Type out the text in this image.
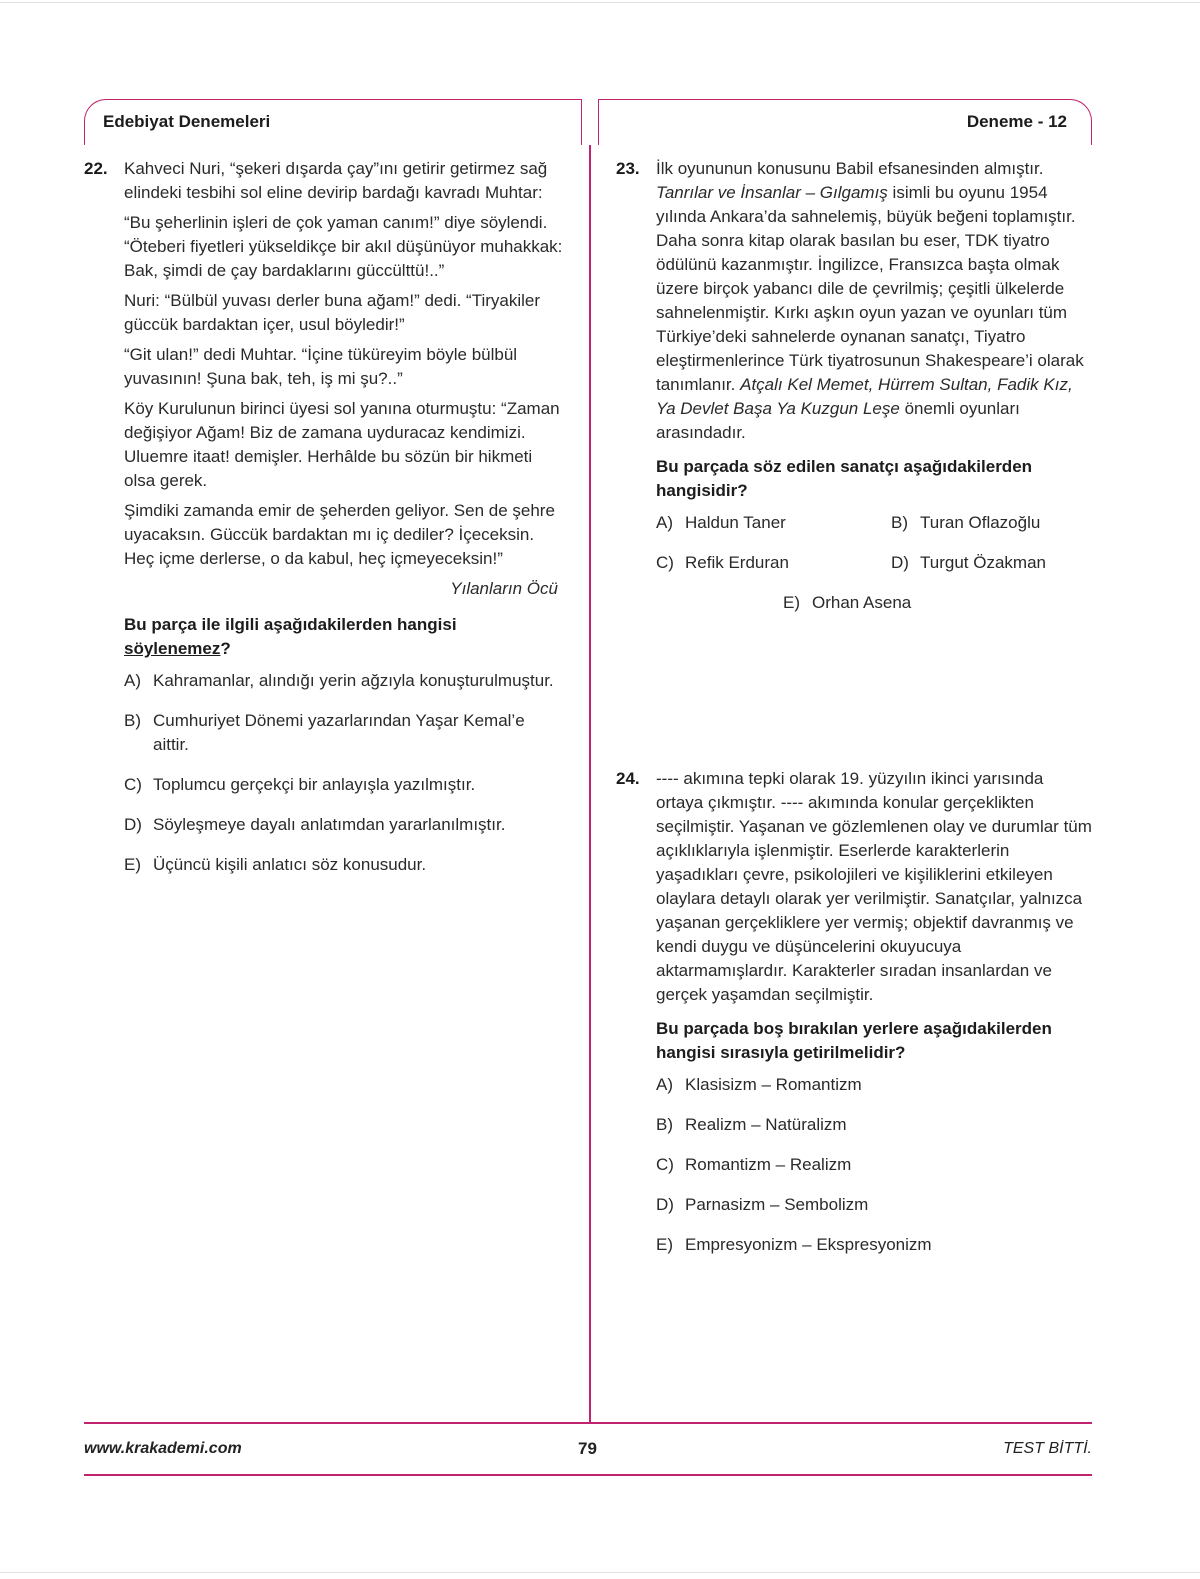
Edebiyat Denemeleri	Deneme - 12
22. Kahveci Nuri, “şekeri dışarda çay”ını getirir getirmez sağ elindeki tesbihi sol eline devirip bardağı kavradı Muhtar:

“Bu şeherlinin işleri de çok yaman canım!” diye söylendi. “Öteberi fiyetleri yükseldikçe bir akıl düşünüyor muhakkak: Bak, şimdi de çay bardaklarını güccülttü!..”

Nuri: “Bülbül yuvası derler buna ağam!” dedi. “Tiryakiler güccük bardaktan içer, usul böyledir!”

“Git ulan!” dedi Muhtar. “İçine tüküreyim böyle bülbül yuvasının! Şuna bak, teh, iş mi şu?..”

Köy Kurulunun birinci üyesi sol yanına oturmuştu: “Zaman değişiyor Ağam! Biz de zamana uyduracaz kendimizi. Uluemre itaat! demişler. Herhâlde bu sözün bir hikmeti olsa gerek.

Şimdiki zamanda emir de şeherden geliyor. Sen de şehre uyacaksın. Güccük bardaktan mı iç dediler? İçeceksin. Heç içme derlerse, o da kabul, heç içmeyeceksin!”

Yılanların Öcü
Bu parça ile ilgili aşağıdakilerden hangisi söylenemez?
A) Kahramanlar, alındığı yerin ağzıyla konuşturulmuştur.
B) Cumhuriyet Dönemi yazarlarından Yaşar Kemal’e aittir.
C) Toplumcu gerçekçi bir anlayışla yazılmıştır.
D) Söyleşmeye dayalı anlatımdan yararlanılmıştır.
E) Üçüncü kişili anlatıcı söz konusudur.
23. İlk oyununun konusunu Babil efsanesinden almıştır. Tanrılar ve İnsanlar – Gılgamış isimli bu oyunu 1954 yılında Ankara’da sahnelemiş, büyük beğeni toplamıştır. Daha sonra kitap olarak basılan bu eser, TDK tiyatro ödülünü kazanmıştır. İngilizce, Fransızca başta olmak üzere birçok yabancı dile de çevrilmiş; çeşitli ülkelerde sahnelenmiştir. Kırkı aşkın oyun yazan ve oyunları tüm Türkiye’deki sahnelerde oynanan sanatçı, Tiyatro eleştirmenlerince Türk tiyatrosunun Shakespeare’i olarak tanımlanır. Atçalı Kel Memet, Hürrem Sultan, Fadik Kız, Ya Devlet Başa Ya Kuzgun Leşe önemli oyunları arasındadır.

Bu parçada söz edilen sanatçı aşağıdakilerden hangisidir?
A) Haldun Taner	B) Turan Oflazoğlu
C) Refik Erduran	D) Turgut Özakman
E) Orhan Asena
24. ---- akımına tepki olarak 19. yüzyılın ikinci yarısında ortaya çıkmıştır. ---- akımında konular gerçeklikten seçilmiştir. Yaşanan ve gözlemlenen olay ve durumlar tüm açıklıklarıyla işlenmiştir. Eserlerde karakterlerin yaşadıkları çevre, psikolojileri ve kişiliklerini etkileyen olaylara detaylı olarak yer verilmiştir. Sanatçılar, yalnızca yaşanan gerçekliklere yer vermiş; objektif davranmış ve kendi duygu ve düşüncelerini okuyucuya aktarmamışlardır. Karakterler sıradan insanlardan ve gerçek yaşamdan seçilmiştir.

Bu parçada boş bırakılan yerlere aşağıdakilerden hangisi sırasıyla getirilmelidir?
A) Klasisizm – Romantizm
B) Realizm – Natüralizm
C) Romantizm – Realizm
D) Parnasizm – Sembolizm
E) Empresyonizm – Ekspresyonizm
www.krakademi.com	79	TEST BİTTİ.
